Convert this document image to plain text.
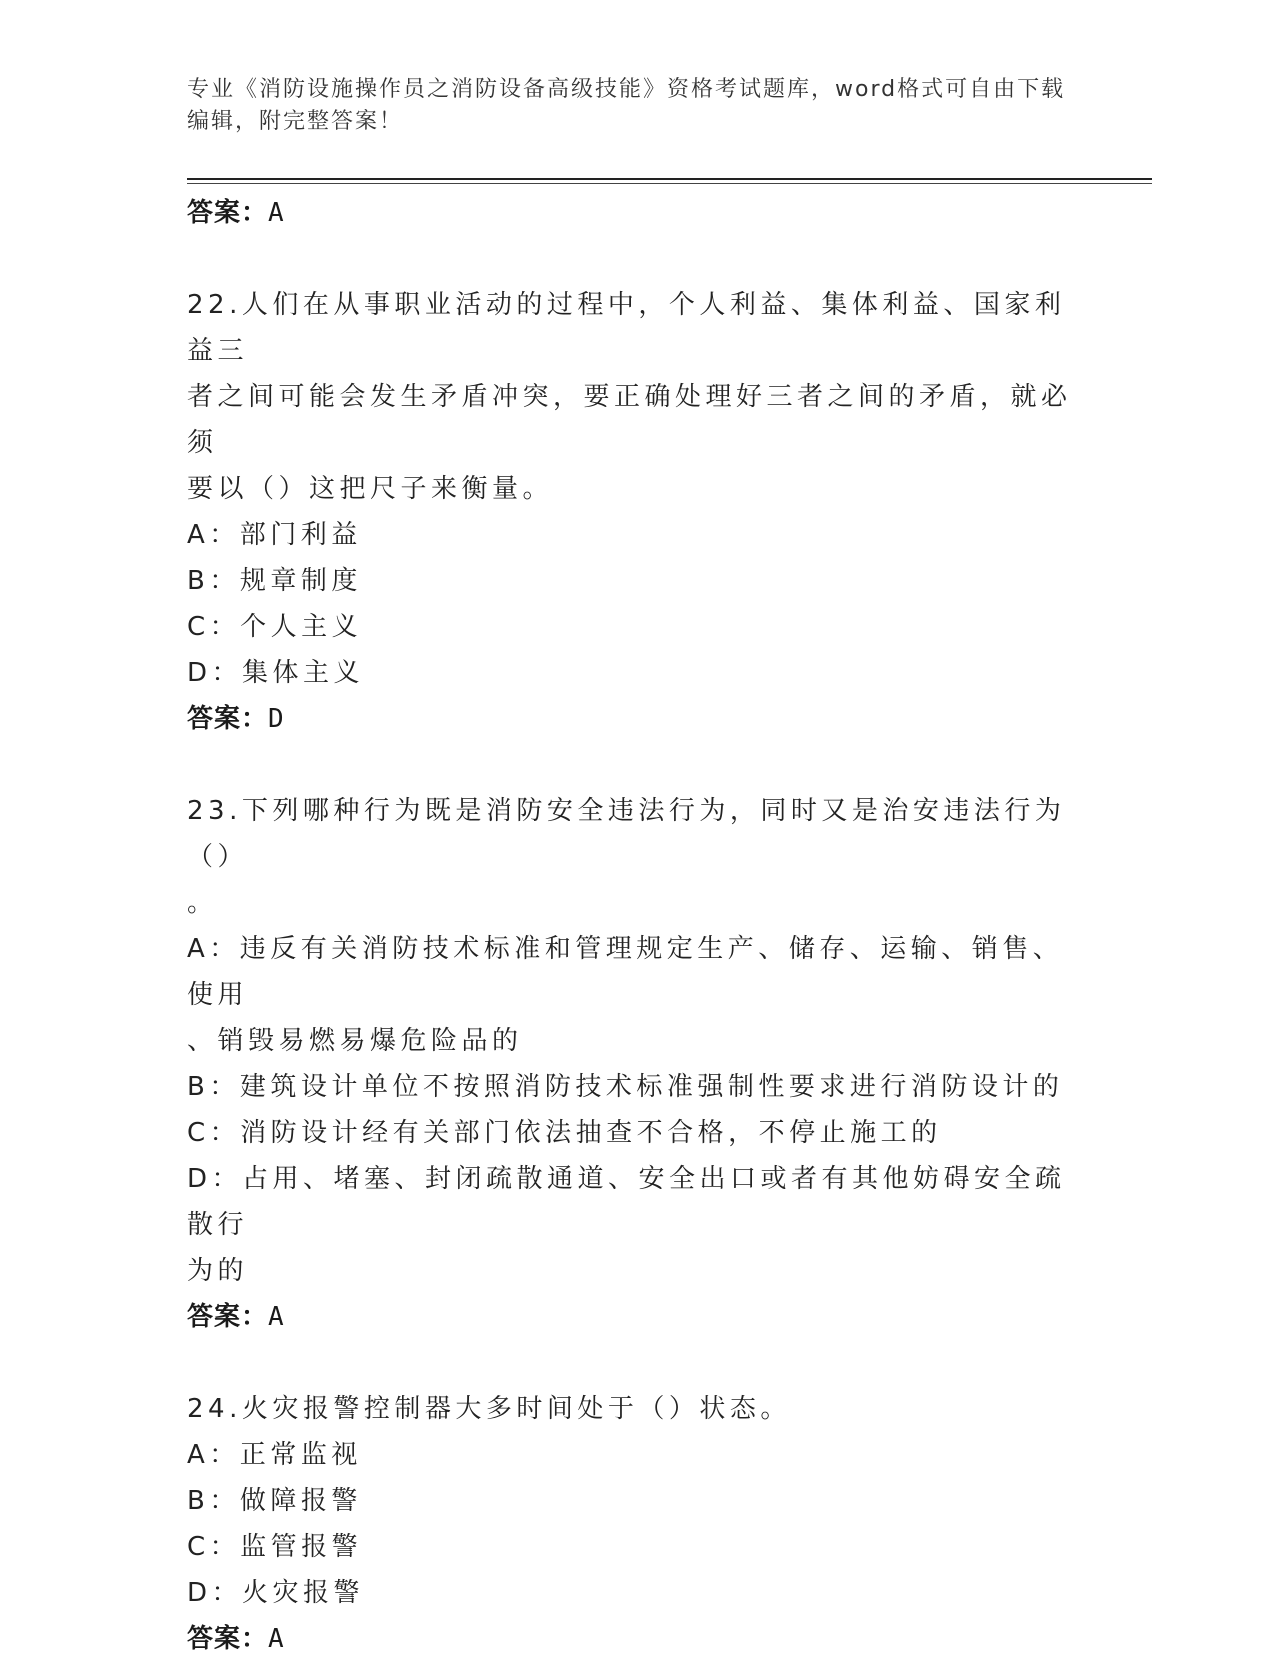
专业《消防设施操作员之消防设备高级技能》资格考试题库，word格式可自由下载编辑，附完整答案！
答案：A
22.人们在从事职业活动的过程中，个人利益、集体利益、国家利益三
者之间可能会发生矛盾冲突，要正确处理好三者之间的矛盾，就必须
要以（）这把尺子来衡量。
A：部门利益
B：规章制度
C：个人主义
D：集体主义
答案：D
23.下列哪种行为既是消防安全违法行为，同时又是治安违法行为（）
。
A：违反有关消防技术标准和管理规定生产、储存、运输、销售、使用
、销毁易燃易爆危险品的
B：建筑设计单位不按照消防技术标准强制性要求进行消防设计的
C：消防设计经有关部门依法抽查不合格，不停止施工的
D：占用、堵塞、封闭疏散通道、安全出口或者有其他妨碍安全疏散行
为的
答案：A
24.火灾报警控制器大多时间处于（）状态。
A：正常监视
B：做障报警
C：监管报警
D：火灾报警
答案：A
